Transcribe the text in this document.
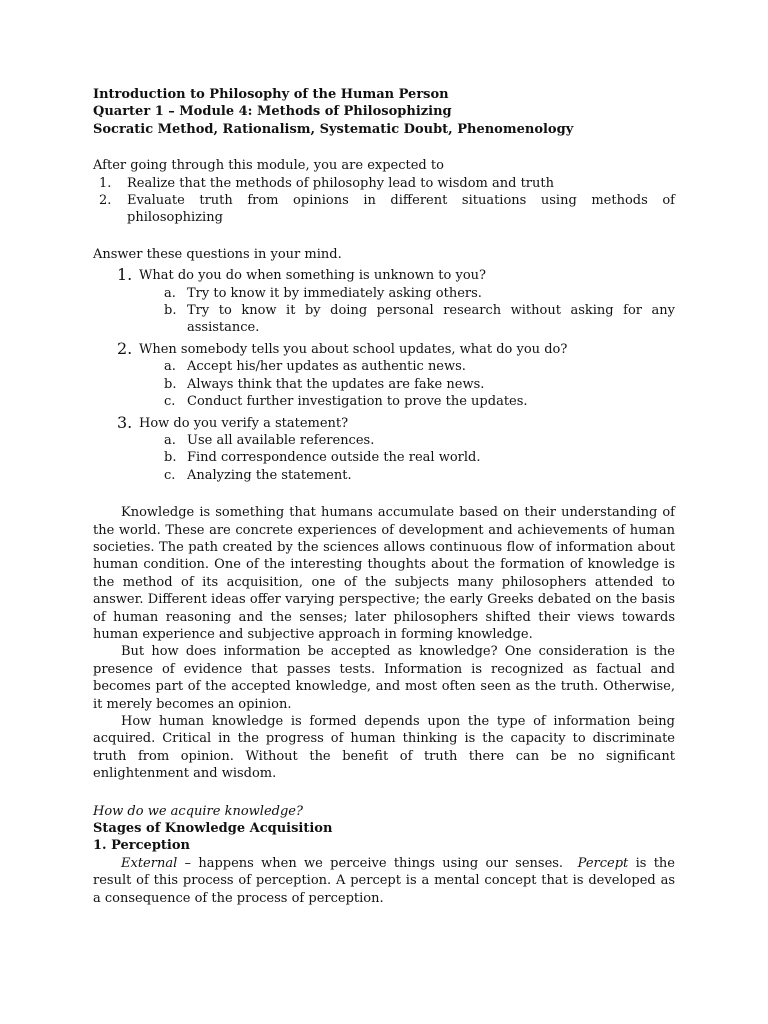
Introduction to Philosophy of the Human Person
Quarter 1 – Module 4: Methods of Philosophizing
Socratic Method, Rationalism, Systematic Doubt, Phenomenology
After going through this module, you are expected to
1. Realize that the methods of philosophy lead to wisdom and truth
2. Evaluate truth from opinions in different situations using methods of philosophizing
Answer these questions in your mind.
1. What do you do when something is unknown to you?
a. Try to know it by immediately asking others.
b. Try to know it by doing personal research without asking for any assistance.
2. When somebody tells you about school updates, what do you do?
a. Accept his/her updates as authentic news.
b. Always think that the updates are fake news.
c. Conduct further investigation to prove the updates.
3. How do you verify a statement?
a. Use all available references.
b. Find correspondence outside the real world.
c. Analyzing the statement.
Knowledge is something that humans accumulate based on their understanding of the world. These are concrete experiences of development and achievements of human societies. The path created by the sciences allows continuous flow of information about human condition. One of the interesting thoughts about the formation of knowledge is the method of its acquisition, one of the subjects many philosophers attended to answer. Different ideas offer varying perspective; the early Greeks debated on the basis of human reasoning and the senses; later philosophers shifted their views towards human experience and subjective approach in forming knowledge.
But how does information be accepted as knowledge? One consideration is the presence of evidence that passes tests. Information is recognized as factual and becomes part of the accepted knowledge, and most often seen as the truth. Otherwise, it merely becomes an opinion.
How human knowledge is formed depends upon the type of information being acquired. Critical in the progress of human thinking is the capacity to discriminate truth from opinion. Without the benefit of truth there can be no significant enlightenment and wisdom.
How do we acquire knowledge?
Stages of Knowledge Acquisition
1. Perception
External – happens when we perceive things using our senses.  Percept is the result of this process of perception. A percept is a mental concept that is developed as a consequence of the process of perception.
